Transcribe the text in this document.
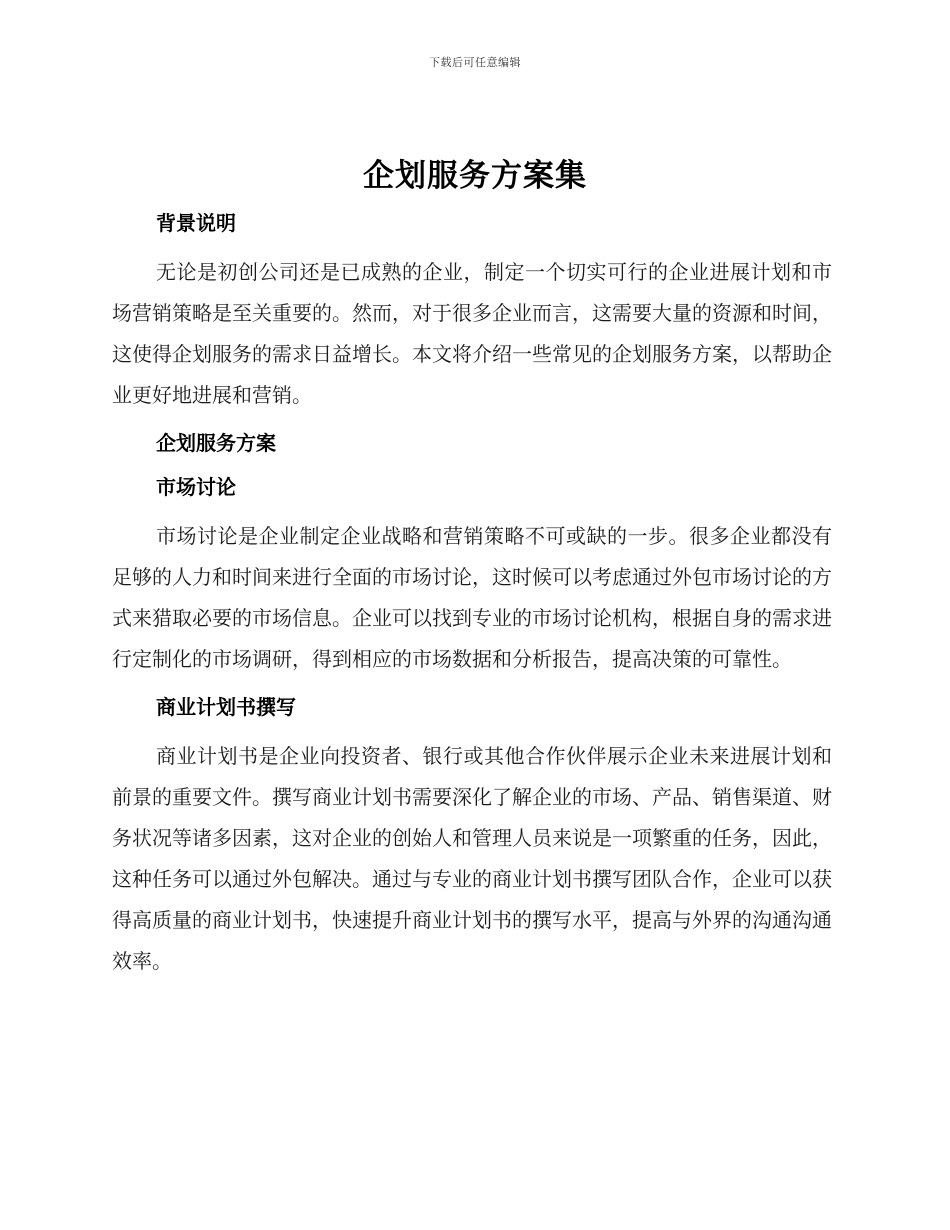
下载后可任意编辑
企划服务方案集
背景说明

无论是初创公司还是已成熟的企业，制定一个切实可行的企业进展计划和市场营销策略是至关重要的。然而，对于很多企业而言，这需要大量的资源和时间，这使得企划服务的需求日益增长。本文将介绍一些常见的企划服务方案，以帮助企业更好地进展和营销。

企划服务方案
市场讨论

市场讨论是企业制定企业战略和营销策略不可或缺的一步。很多企业都没有足够的人力和时间来进行全面的市场讨论，这时候可以考虑通过外包市场讨论的方式来猎取必要的市场信息。企业可以找到专业的市场讨论机构，根据自身的需求进行定制化的市场调研，得到相应的市场数据和分析报告，提高决策的可靠性。

商业计划书撰写

商业计划书是企业向投资者、银行或其他合作伙伴展示企业未来进展计划和前景的重要文件。撰写商业计划书需要深化了解企业的市场、产品、销售渠道、财务状况等诸多因素，这对企业的创始人和管理人员来说是一项繁重的任务，因此，这种任务可以通过外包解决。通过与专业的商业计划书撰写团队合作，企业可以获得高质量的商业计划书，快速提升商业计划书的撰写水平，提高与外界的沟通沟通效率。
